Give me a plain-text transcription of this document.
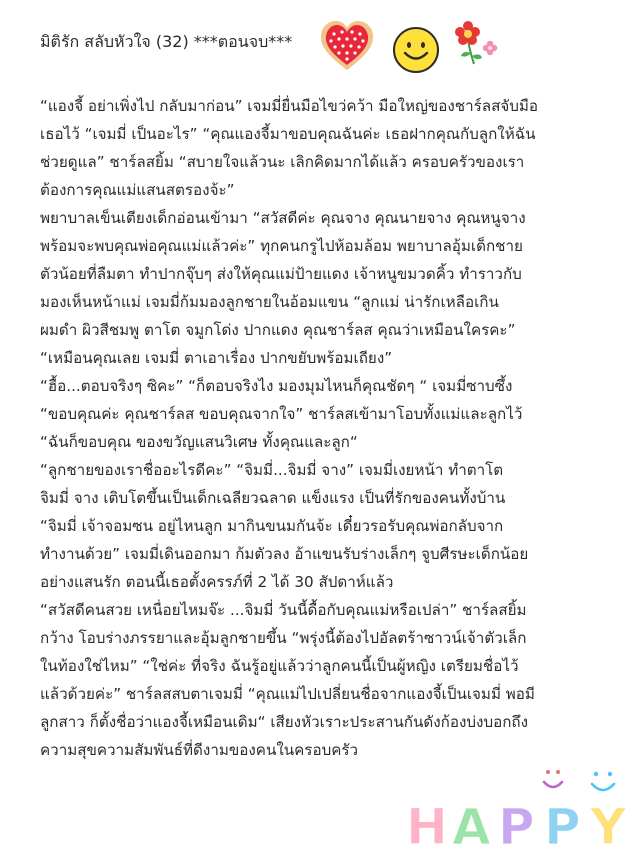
มิติรัก สลับหัวใจ (32) ***ตอนจบ***
“แองจี้ อย่าเพิ่งไป กลับมาก่อน” เจมมี่ยื่นมือไขว่คว้า มือใหญ่ของชาร์ลสจับมือ
เธอไว้ “เจมมี่ เป็นอะไร” “คุณแองจี้มาขอบคุณฉันค่ะ เธอฝากคุณกับลูกให้ฉัน
ช่วยดูแล” ชาร์ลสยิ้ม “สบายใจแล้วนะ เลิกคิดมากได้แล้ว ครอบครัวของเรา
ต้องการคุณแม่แสนสตรองจ้ะ”
พยาบาลเข็นเตียงเด็กอ่อนเข้ามา “สวัสดีค่ะ คุณจาง คุณนายจาง คุณหนูจาง
พร้อมจะพบคุณพ่อคุณแม่แล้วค่ะ” ทุกคนกรูไปห้อมล้อม พยาบาลอุ้มเด็กชาย
ตัวน้อยที่ลืมตา ทำปากจุ๊บๆ ส่งให้คุณแม่ป้ายแดง เจ้าหนูขมวดคิ้ว ทำราวกับ
มองเห็นหน้าแม่ เจมมี่ก้มมองลูกชายในอ้อมแขน “ลูกแม่ น่ารักเหลือเกิน
ผมดำ ผิวสีชมพู ตาโต จมูกโด่ง ปากแดง คุณชาร์ลส คุณว่าเหมือนใครคะ”
“เหมือนคุณเลย เจมมี่ ตาเอาเรื่อง ปากขยับพร้อมเถียง”
“ฮื้อ...ตอบจริงๆ ซิคะ” “ก็ตอบจริงไง มองมุมไหนก็คุณชัดๆ “ เจมมี่ซาบซึ้ง
“ขอบคุณค่ะ คุณชาร์ลส ขอบคุณจากใจ” ชาร์ลสเข้ามาโอบทั้งแม่และลูกไว้
“ฉันก็ขอบคุณ ของขวัญแสนวิเศษ ทั้งคุณและลูก“
“ลูกชายของเราชื่ออะไรดีคะ” “จิมมี่...จิมมี่ จาง” เจมมี่เงยหน้า ทำตาโต
จิมมี่ จาง เติบโตขึ้นเป็นเด็กเฉลียวฉลาด แข็งแรง เป็นที่รักของคนทั้งบ้าน
“จิมมี่ เจ้าจอมซน อยู่ไหนลูก มากินขนมกันจ้ะ เดี๋ยวรอรับคุณพ่อกลับจาก
ทำงานด้วย” เจมมี่เดินออกมา ก้มตัวลง อ้าแขนรับร่างเล็กๆ จูบศีรษะเด็กน้อย
อย่างแสนรัก ตอนนี้เธอตั้งครรภ์ที่ 2 ได้ 30 สัปดาห์แล้ว
“สวัสดีคนสวย เหนื่อยไหมจ๊ะ ...จิมมี่ วันนี้ดื้อกับคุณแม่หรือเปล่า” ชาร์ลสยิ้ม
กว้าง โอบร่างภรรยาและอุ้มลูกชายขึ้น “พรุ่งนี้ต้องไปอัลตร้าซาวน์เจ้าตัวเล็ก
ในท้องใช่ไหม” “ใช่ค่ะ ที่จริง ฉันรู้อยู่แล้วว่าลูกคนนี้เป็นผู้หญิง เตรียมชื่อไว้
แล้วด้วยค่ะ” ชาร์ลสสบตาเจมมี่ “คุณแม่ไปเปลี่ยนชื่อจากแองจี้เป็นเจมมี่ พอมี
ลูกสาว ก็ตั้งชื่อว่าแองจี้เหมือนเดิม“ เสียงหัวเราะประสานกันดังก้องบ่งบอกถึง
ความสุขความสัมพันธ์ที่ดีงามของคนในครอบครัว
H A P P Y
